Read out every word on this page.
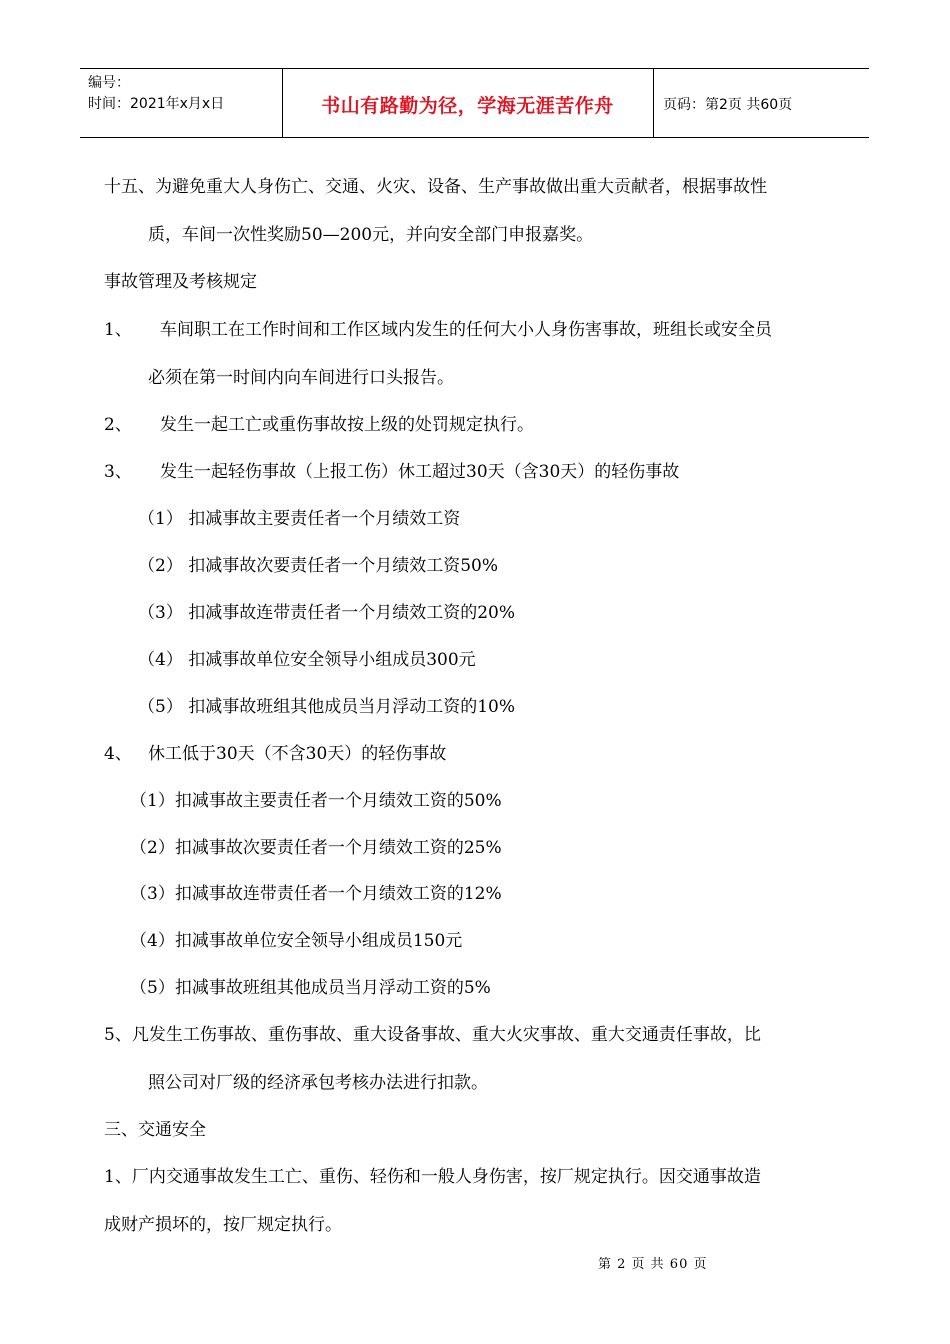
编号：
时间：2021年x月x日	书山有路勤为径，学海无涯苦作舟	页码：第2页 共60页
十五、为避免重大人身伤亡、交通、火灾、设备、生产事故做出重大贡献者，根据事故性
质，车间一次性奖励50—200元，并向安全部门申报嘉奖。
事故管理及考核规定
1、 车间职工在工作时间和工作区域内发生的任何大小人身伤害事故，班组长或安全员
必须在第一时间内向车间进行口头报告。
2、 发生一起工亡或重伤事故按上级的处罚规定执行。
3、 发生一起轻伤事故（上报工伤）休工超过30天（含30天）的轻伤事故
（1） 扣减事故主要责任者一个月绩效工资
（2） 扣减事故次要责任者一个月绩效工资50%
（3） 扣减事故连带责任者一个月绩效工资的20%
（4） 扣减事故单位安全领导小组成员300元
（5） 扣减事故班组其他成员当月浮动工资的10%
4、 休工低于30天（不含30天）的轻伤事故
（1）扣减事故主要责任者一个月绩效工资的50%
（2）扣减事故次要责任者一个月绩效工资的25%
（3）扣减事故连带责任者一个月绩效工资的12%
（4）扣减事故单位安全领导小组成员150元
（5）扣减事故班组其他成员当月浮动工资的5%
5、凡发生工伤事故、重伤事故、重大设备事故、重大火灾事故、重大交通责任事故，比
照公司对厂级的经济承包考核办法进行扣款。
三、交通安全
1、厂内交通事故发生工亡、重伤、轻伤和一般人身伤害，按厂规定执行。因交通事故造
成财产损坏的，按厂规定执行。
第 2 页 共 60 页
